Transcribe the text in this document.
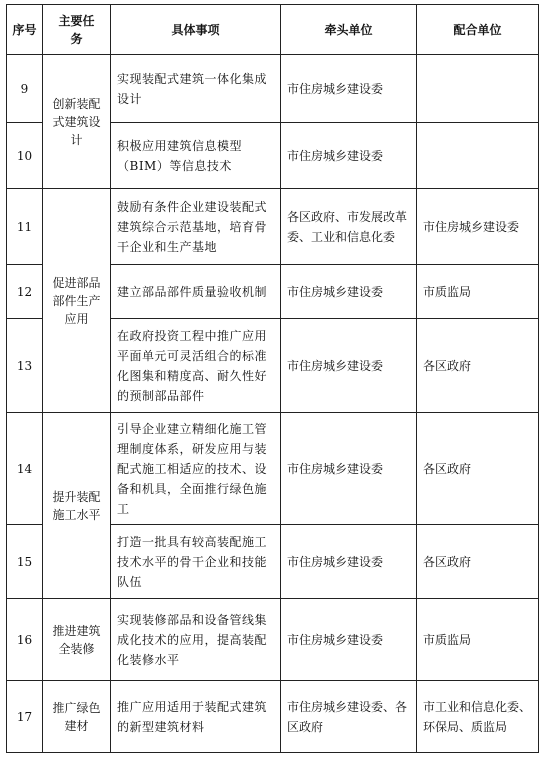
序号	主要任务	具体事项	牵头单位	配合单位
9	创新装配式建筑设计	实现装配式建筑一体化集成设计	市住房城乡建设委	
10		积极应用建筑信息模型（BIM）等信息技术	市住房城乡建设委	
11	促进部品部件生产应用	鼓励有条件企业建设装配式建筑综合示范基地，培育骨干企业和生产基地	各区政府、市发展改革委、工业和信息化委	市住房城乡建设委
12		建立部品部件质量验收机制	市住房城乡建设委	市质监局
13		在政府投资工程中推广应用平面单元可灵活组合的标准化图集和精度高、耐久性好的预制部品部件	市住房城乡建设委	各区政府
14	提升装配施工水平	引导企业建立精细化施工管理制度体系，研发应用与装配式施工相适应的技术、设备和机具，全面推行绿色施工	市住房城乡建设委	各区政府
15		打造一批具有较高装配施工技术水平的骨干企业和技能队伍	市住房城乡建设委	各区政府
16	推进建筑全装修	实现装修部品和设备管线集成化技术的应用，提高装配化装修水平	市住房城乡建设委	市质监局
17	推广绿色建材	推广应用适用于装配式建筑的新型建筑材料	市住房城乡建设委、各区政府	市工业和信息化委、环保局、质监局
